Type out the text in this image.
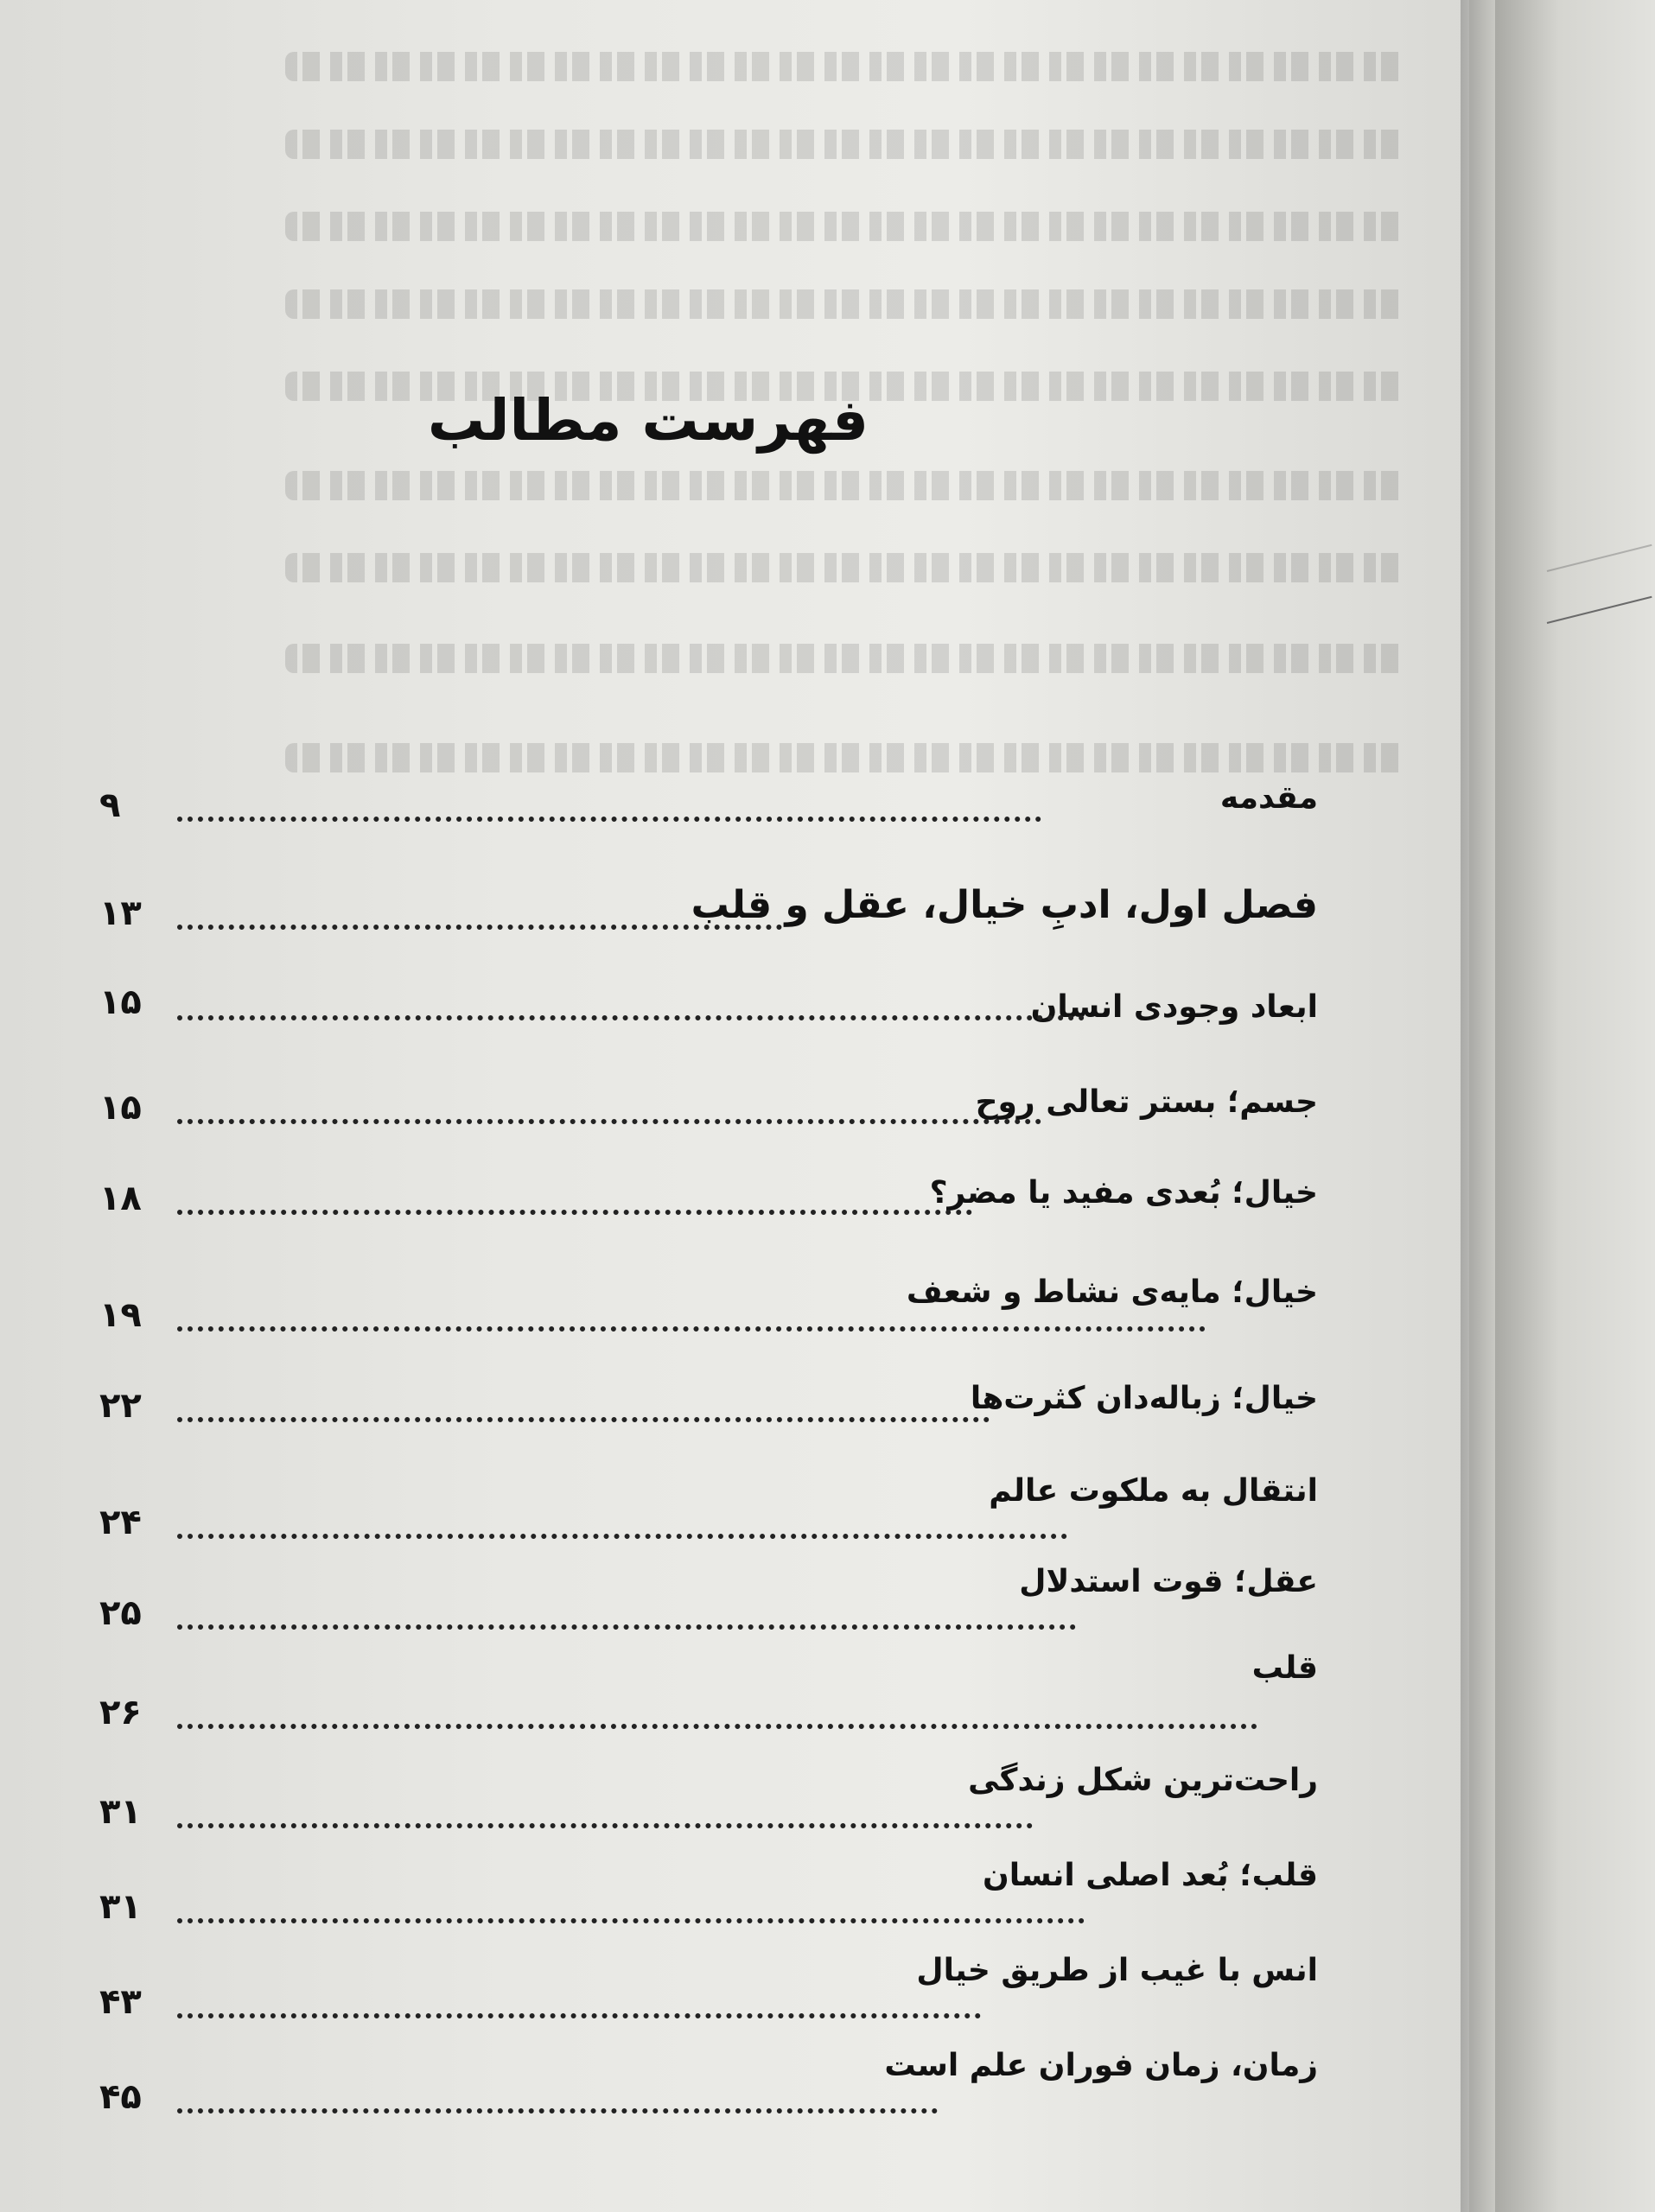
فهرست مطالب
مقدمه
۹
فصل اول، ادبِ خیال، عقل و قلب
۱۳
ابعاد وجودی انسان
۱۵
جسم؛ بستر تعالی روح
۱۵
خیال؛ بُعدی مفید یا مضر؟
۱۸
خیال؛ مایه‌ی نشاط و شعف
۱۹
خیال؛ زباله‌دان کثرت‌ها
۲۲
انتقال به ملکوت عالم
۲۴
عقل؛ قوت استدلال
۲۵
قلب
۲۶
راحت‌ترین شکل زندگی
۳۱
قلب؛ بُعد اصلی انسان
۳۱
انس با غیب از طریق خیال
۴۳
زمان، زمان فوران علم است
۴۵
